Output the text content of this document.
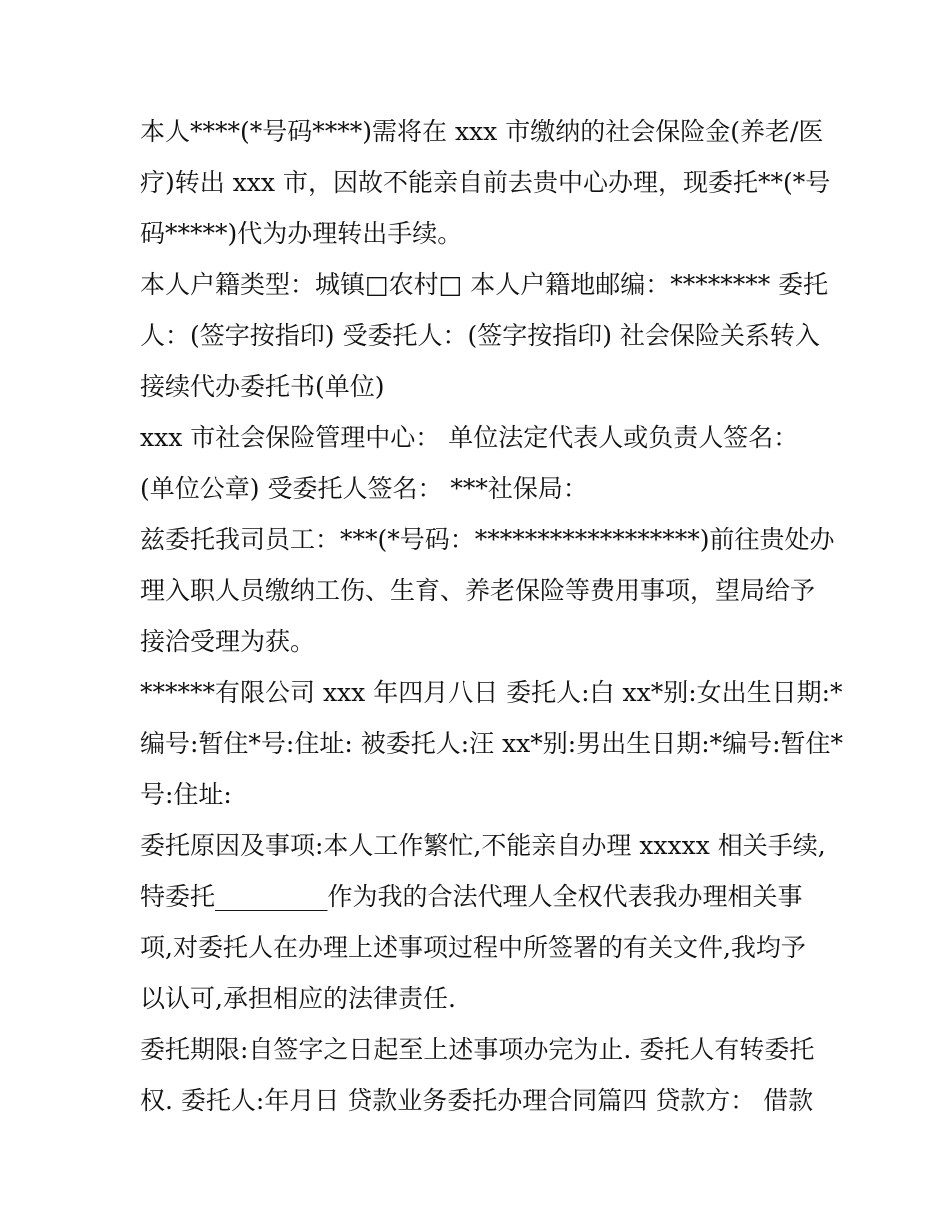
本人****(*号码****)需将在 xxx 市缴纳的社会保险金(养老/医
疗)转出 xxx 市，因故不能亲自前去贵中心办理，现委托**(*号
码*****)代为办理转出手续。
本人户籍类型：城镇□农村□ 本人户籍地邮编：******** 委托
人：(签字按指印) 受委托人：(签字按指印) 社会保险关系转入
接续代办委托书(单位)
xxx 市社会保险管理中心： 单位法定代表人或负责人签名：
(单位公章) 受委托人签名： ***社保局：
兹委托我司员工：***(*号码：******************)前往贵处办
理入职人员缴纳工伤、生育、养老保险等费用事项，望局给予
接洽受理为获。
******有限公司 xxx 年四月八日 委托人:白 xx*别:女出生日期:*
编号:暂住*号:住址: 被委托人:汪 xx*别:男出生日期:*编号:暂住*
号:住址:
委托原因及事项:本人工作繁忙,不能亲自办理 xxxxx 相关手续,
特委托_________作为我的合法代理人全权代表我办理相关事
项,对委托人在办理上述事项过程中所签署的有关文件,我均予
以认可,承担相应的法律责任.
委托期限:自签字之日起至上述事项办完为止. 委托人有转委托
权. 委托人:年月日 贷款业务委托办理合同篇四 贷款方： 借款
